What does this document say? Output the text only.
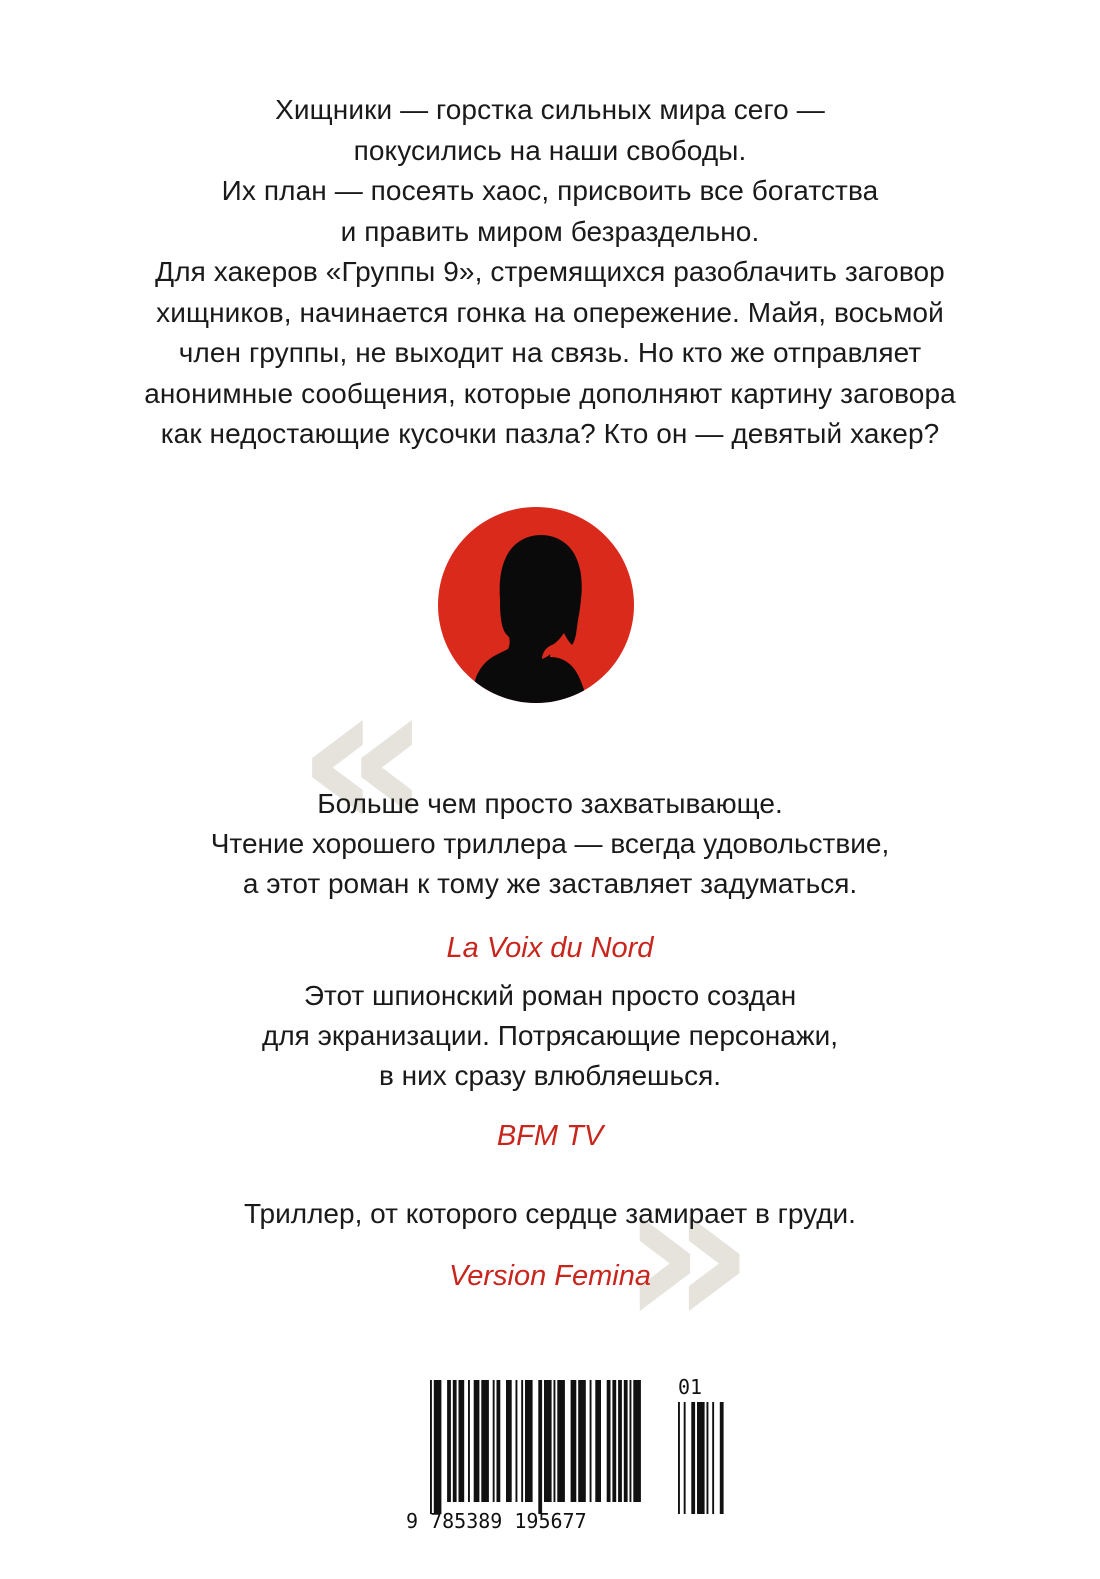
Хищники — горстка сильных мира сего —

покусились на наши свободы.

Их план — посеять хаос, присвоить все богатства

и править миром безраздельно.

Для хакеров «Группы 9», стремящихся разоблачить заговор

хищников, начинается гонка на опережение. Майя, восьмой

член группы, не выходит на связь. Но кто же отправляет

анонимные сообщения, которые дополняют картину заговора

как недостающие кусочки пазла? Кто он — девятый хакер?

«
»

Больше чем просто захватывающе.

Чтение хорошего триллера — всегда удовольствие,

а этот роман к тому же заставляет задуматься.

La Voix du Nord

Этот шпионский роман просто создан

для экранизации. Потрясающие персонажи,

в них сразу влюбляешься.

BFM TV

Триллер, от которого сердце замирает в груди.

Version Femina

9 785389 195677
01
